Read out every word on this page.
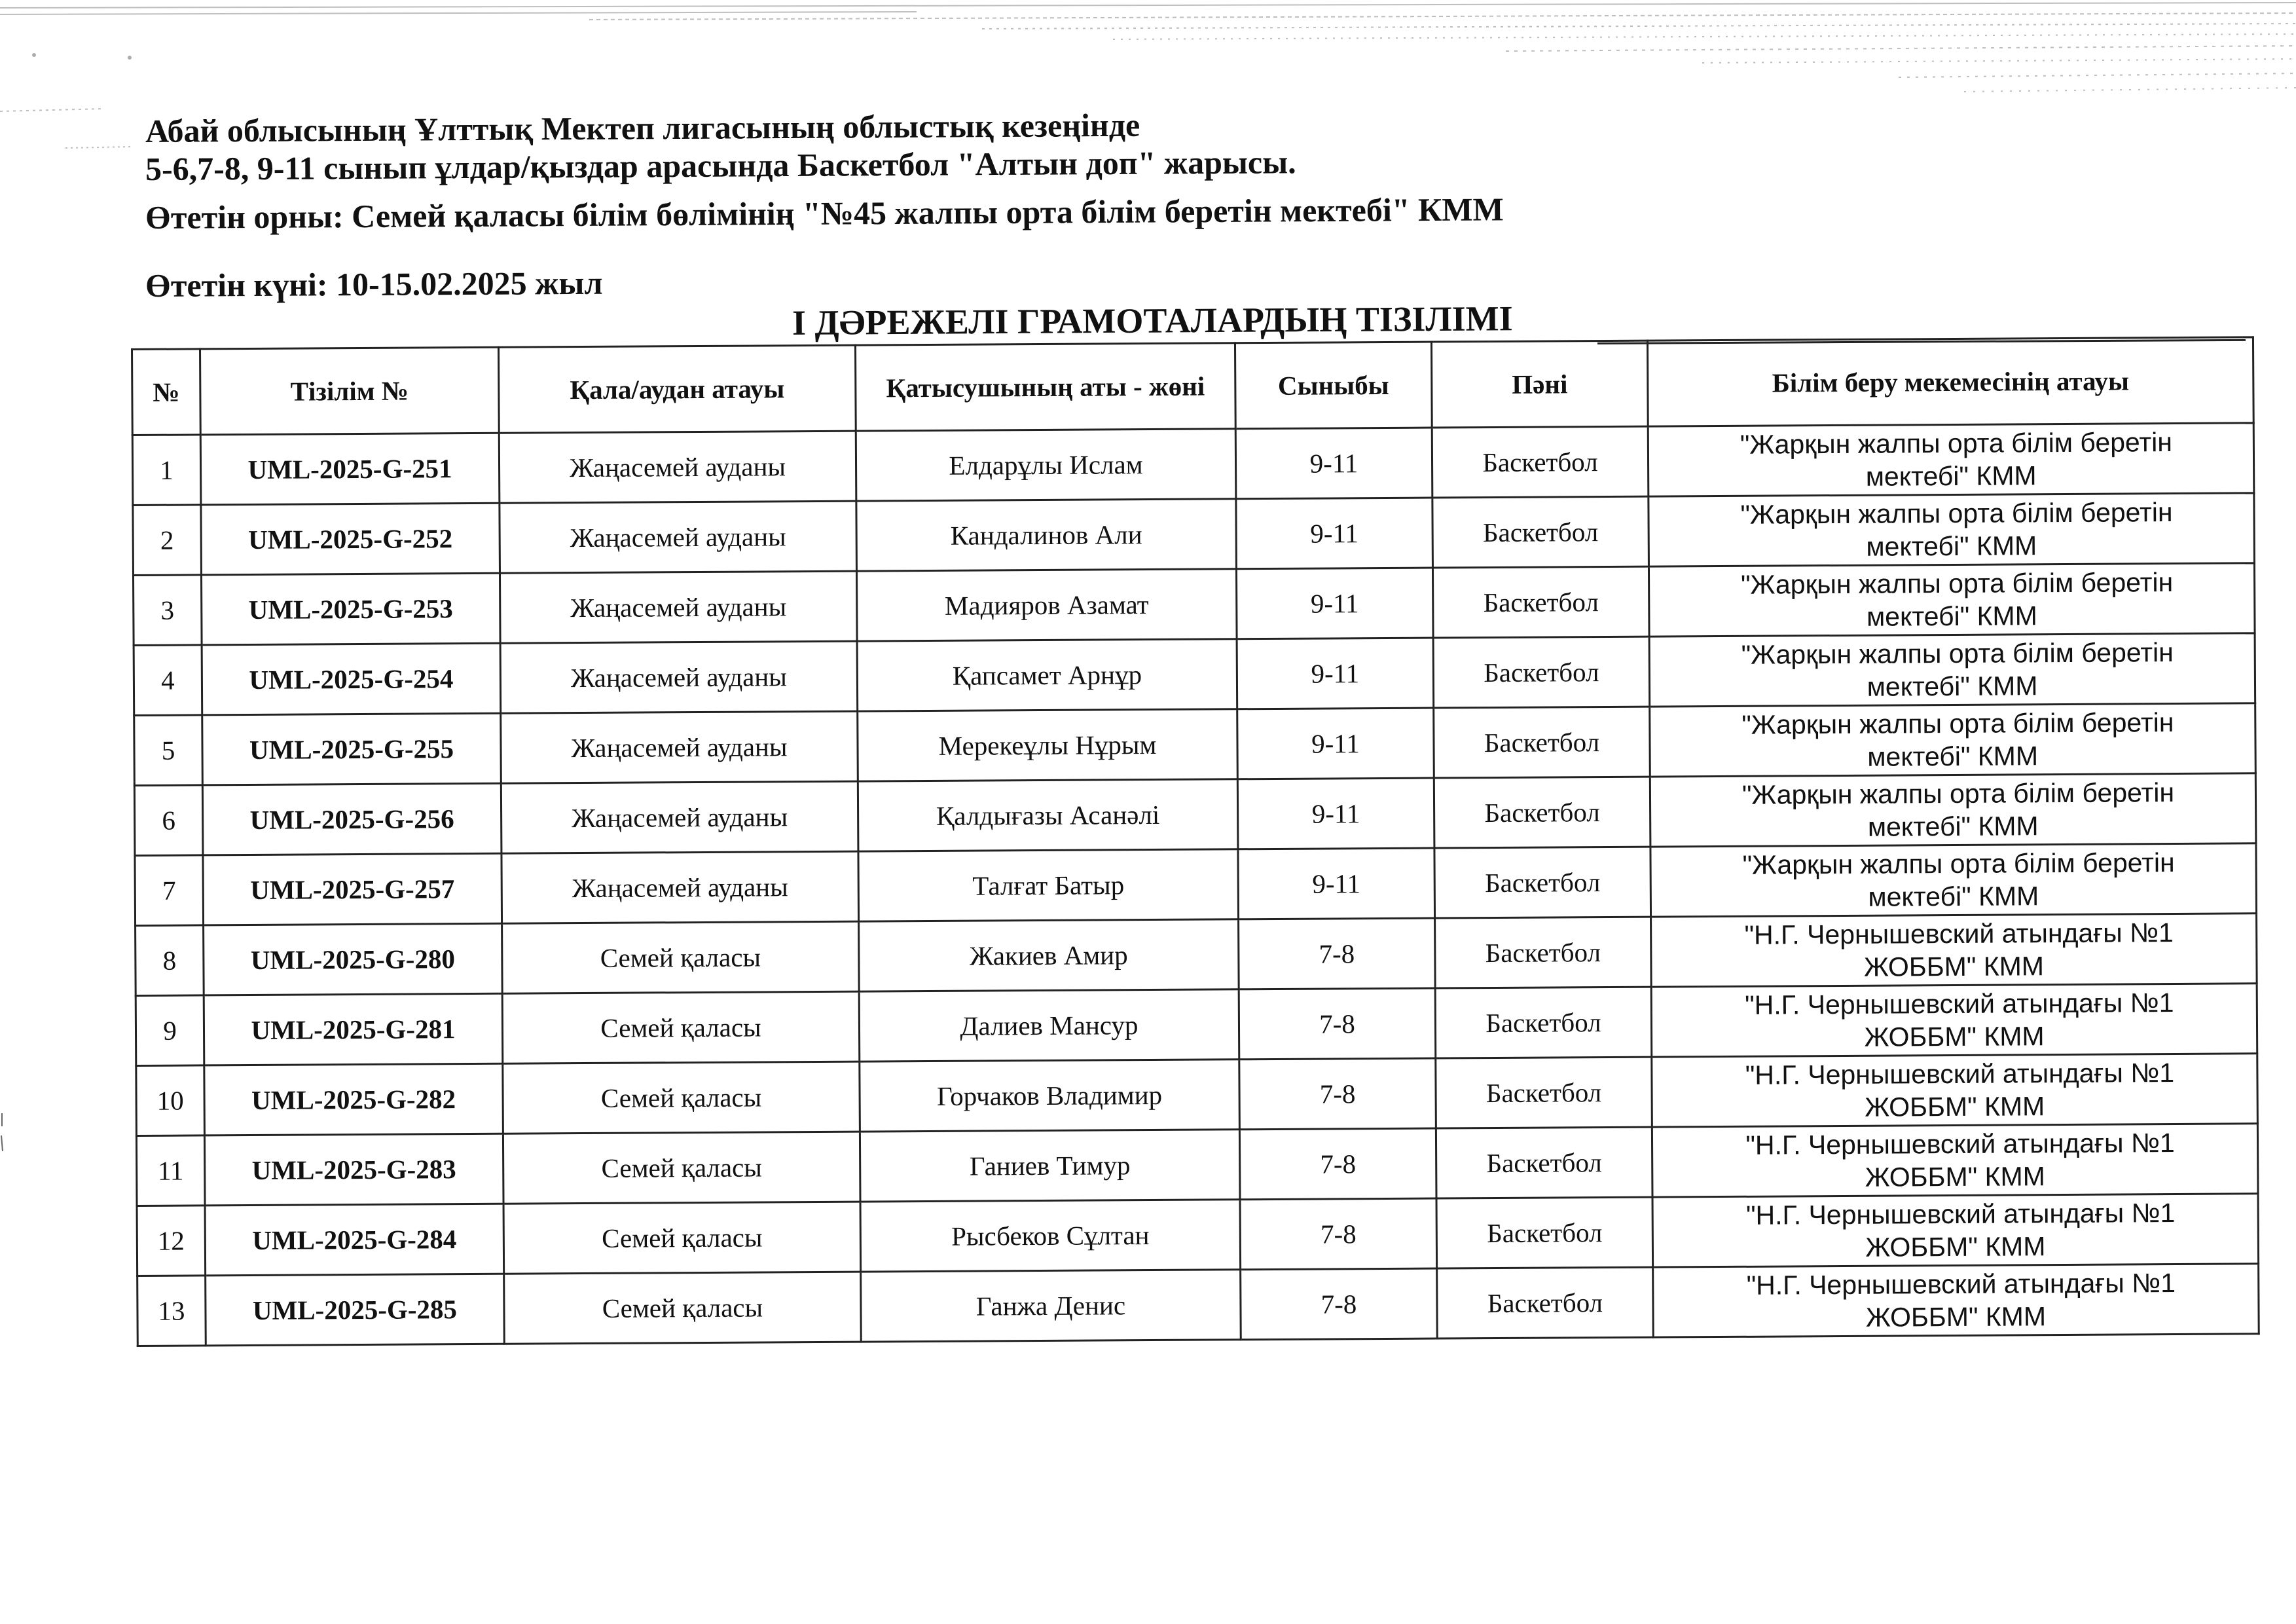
Абай облысының Ұлттық Мектеп лигасының облыстық кезеңінде
5-6,7-8, 9-11 сынып ұлдар/қыздар арасында Баскетбол "Алтын доп" жарысы.
Өтетін орны: Семей қаласы білім бөлімінің "№45 жалпы орта білім беретін мектебі" КММ
Өтетін күні: 10-15.02.2025 жыл
І ДӘРЕЖЕЛІ ГРАМОТАЛАРДЫҢ ТІЗІЛІМІ
№	Тізілім №	Қала/аудан атауы	Қатысушының аты - жөні	Сыныбы	Пәні	Білім беру мекемесінің атауы
1	UML-2025-G-251	Жаңасемей ауданы	Елдарұлы Ислам	9-11	Баскетбол	"Жарқын жалпы орта білім беретін
мектебі" КММ

2	UML-2025-G-252	Жаңасемей ауданы	Кандалинов Али	9-11	Баскетбол	"Жарқын жалпы орта білім беретін
мектебі" КММ

3	UML-2025-G-253	Жаңасемей ауданы	Мадияров Азамат	9-11	Баскетбол	"Жарқын жалпы орта білім беретін
мектебі" КММ

4	UML-2025-G-254	Жаңасемей ауданы	Қапсамет Арнұр	9-11	Баскетбол	"Жарқын жалпы орта білім беретін
мектебі" КММ

5	UML-2025-G-255	Жаңасемей ауданы	Мерекеұлы Нұрым	9-11	Баскетбол	"Жарқын жалпы орта білім беретін
мектебі" КММ

6	UML-2025-G-256	Жаңасемей ауданы	Қалдығазы Асанәлі	9-11	Баскетбол	"Жарқын жалпы орта білім беретін
мектебі" КММ

7	UML-2025-G-257	Жаңасемей ауданы	Талғат Батыр	9-11	Баскетбол	"Жарқын жалпы орта білім беретін
мектебі" КММ

8	UML-2025-G-280	Семей қаласы	Жакиев Амир	7-8	Баскетбол	"Н.Г. Чернышевский атындағы №1
ЖОББМ" КММ

9	UML-2025-G-281	Семей қаласы	Далиев Мансур	7-8	Баскетбол	"Н.Г. Чернышевский атындағы №1
ЖОББМ" КММ

10	UML-2025-G-282	Семей қаласы	Горчаков Владимир	7-8	Баскетбол	"Н.Г. Чернышевский атындағы №1
ЖОББМ" КММ

11	UML-2025-G-283	Семей қаласы	Ганиев Тимур	7-8	Баскетбол	"Н.Г. Чернышевский атындағы №1
ЖОББМ" КММ

12	UML-2025-G-284	Семей қаласы	Рысбеков Сұлтан	7-8	Баскетбол	"Н.Г. Чернышевский атындағы №1
ЖОББМ" КММ

13	UML-2025-G-285	Семей қаласы	Ганжа Денис	7-8	Баскетбол	"Н.Г. Чернышевский атындағы №1
ЖОББМ" КММ
